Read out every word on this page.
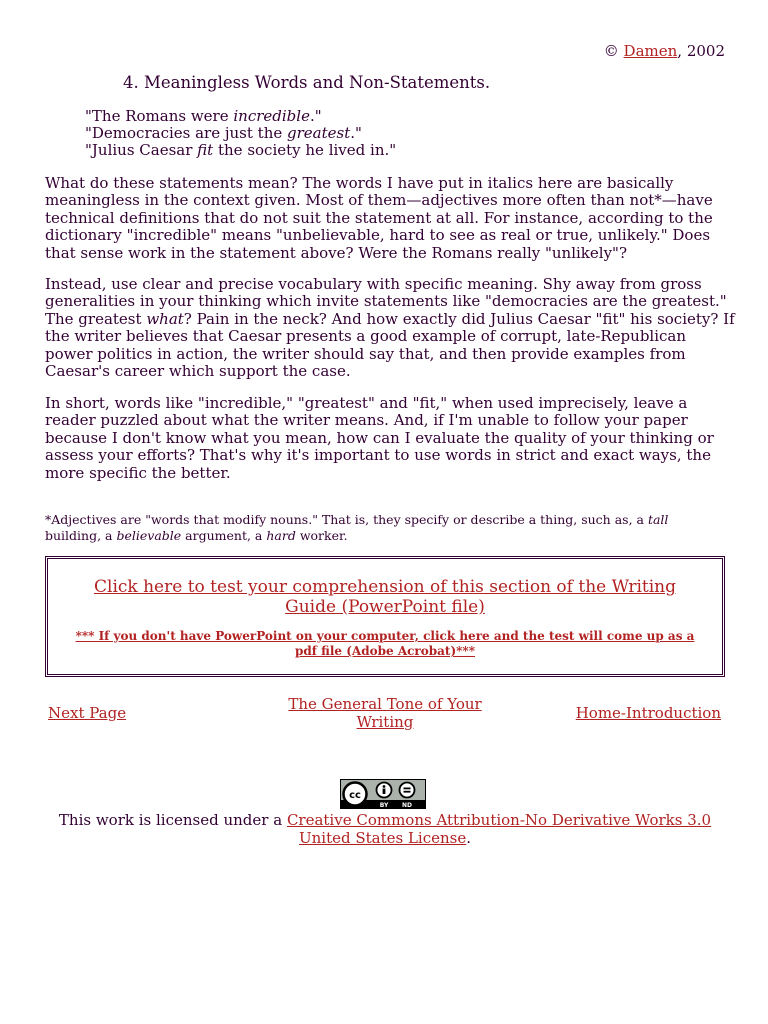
© Damen, 2002
4. Meaningless Words and Non-Statements.
"The Romans were incredible."
"Democracies are just the greatest."
"Julius Caesar fit the society he lived in."

What do these statements mean? The words I have put in italics here are basically meaningless in the context given. Most of them—adjectives more often than not*—have technical definitions that do not suit the statement at all. For instance, according to the dictionary "incredible" means "unbelievable, hard to see as real or true, unlikely." Does that sense work in the statement above? Were the Romans really "unlikely"?

Instead, use clear and precise vocabulary with specific meaning. Shy away from gross generalities in your thinking which invite statements like "democracies are the greatest." The greatest what? Pain in the neck? And how exactly did Julius Caesar "fit" his society? If the writer believes that Caesar presents a good example of corrupt, late-Republican power politics in action, the writer should say that, and then provide examples from Caesar's career which support the case.

In short, words like "incredible," "greatest" and "fit," when used imprecisely, leave a reader puzzled about what the writer means. And, if I'm unable to follow your paper because I don't know what you mean, how can I evaluate the quality of your thinking or assess your efforts? That's why it's important to use words in strict and exact ways, the more specific the better.

*Adjectives are "words that modify nouns." That is, they specify or describe a thing, such as, a tall building, a believable argument, a hard worker.
Click here to test your comprehension of this section of the Writing Guide (PowerPoint file)
*** If you don't have PowerPoint on your computer, click here and the test will come up as a pdf file (Adobe Acrobat)***
Next Page	The General Tone of Your Writing	Home-Introduction
cc
BY ND
This work is licensed under a Creative Commons Attribution-No Derivative Works 3.0 United States License.
